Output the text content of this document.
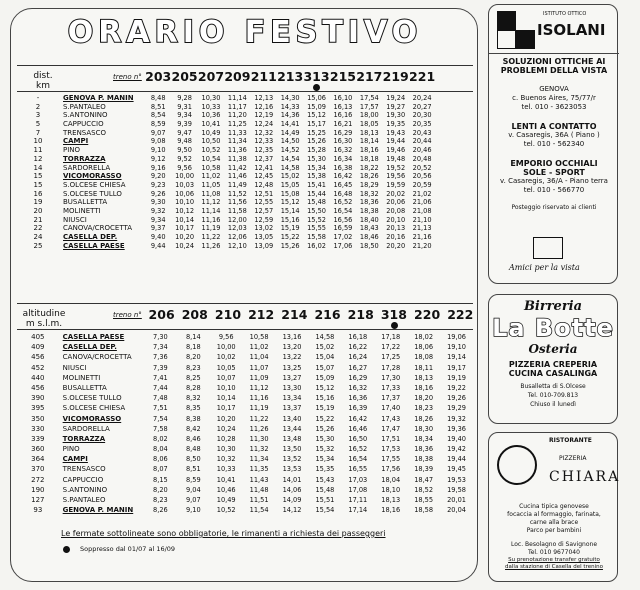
ORARIO FESTIVO
dist.
km
treno n° 203 205 207 209 211 213 313 215 217 219 221
-	GENOVA P. MANIN	8,48	9,28	10,30	11,14	12,13	14,30	15,06	16,10	17,54	19,24	20,24
2	S.PANTALEO	8,51	9,31	10,33	11,17	12,16	14,33	15,09	16,13	17,57	19,27	20,27
3	S.ANTONINO	8,54	9,34	10,36	11,20	12,19	14,36	15,12	16,16	18,00	19,30	20,30
5	CAPPUCCIO	8,59	9,39	10,41	11,25	12,24	14,41	15,17	16,21	18,05	19,35	20,35
7	TRENSASCO	9,07	9,47	10,49	11,33	12,32	14,49	15,25	16,29	18,13	19,43	20,43
10	CAMPI	9,08	9,48	10,50	11,34	12,33	14,50	15,26	16,30	18,14	19,44	20,44
11	PINO	9,10	9,50	10,52	11,36	12,35	14,52	15,28	16,32	18,16	19,46	20,46
12	TORRAZZA	9,12	9,52	10,54	11,38	12,37	14,54	15,30	16,34	18,18	19,48	20,48
14	SARDORELLA	9,16	9,56	10,58	11,42	12,41	14,58	15,34	16,38	18,22	19,52	20,52
15	VICOMORASSO	9,20	10,00	11,02	11,46	12,45	15,02	15,38	16,42	18,26	19,56	20,56
15	S.OLCESE CHIESA	9,23	10,03	11,05	11,49	12,48	15,05	15,41	16,45	18,29	19,59	20,59
16	S.OLCESE TULLO	9,26	10,06	11,08	11,52	12,51	15,08	15,44	16,48	18,32	20,02	21,02
19	BUSALLETTA	9,30	10,10	11,12	11,56	12,55	15,12	15,48	16,52	18,36	20,06	21,06
20	MOLINETTI	9,32	10,12	11,14	11,58	12,57	15,14	15,50	16,54	18,38	20,08	21,08
21	NIUSCI	9,34	10,14	11,16	12,00	12,59	15,16	15,52	16,56	18,40	20,10	21,10
22	CANOVA/CROCETTA	9,37	10,17	11,19	12,03	13,02	15,19	15,55	16,59	18,43	20,13	21,13
24	CASELLA DEP.	9,40	10,20	11,22	12,06	13,05	15,22	15,58	17,02	18,46	20,16	21,16
25	CASELLA PAESE	9,44	10,24	11,26	12,10	13,09	15,26	16,02	17,06	18,50	20,20	21,20
altitudine
m s.l.m.
treno n° 206 208 210 212 214 216 218 318 220 222
405	CASELLA PAESE	7,30	8,14	9,56	10,58	13,16	14,58	16,18	17,18	18,02	19,06
409	CASELLA DEP.	7,34	8,18	10,00	11,02	13,20	15,02	16,22	17,22	18,06	19,10
456	CANOVA/CROCETTA	7,36	8,20	10,02	11,04	13,22	15,04	16,24	17,25	18,08	19,14
452	NIUSCI	7,39	8,23	10,05	11,07	13,25	15,07	16,27	17,28	18,11	19,17
440	MOLINETTI	7,41	8,25	10,07	11,09	13,27	15,09	16,29	17,30	18,13	19,19
456	BUSALLETTA	7,44	8,28	10,10	11,12	13,30	15,12	16,32	17,33	18,16	19,22
390	S.OLCESE TULLO	7,48	8,32	10,14	11,16	13,34	15,16	16,36	17,37	18,20	19,26
395	S.OLCESE CHIESA	7,51	8,35	10,17	11,19	13,37	15,19	16,39	17,40	18,23	19,29
350	VICOMORASSO	7,54	8,38	10,20	11,22	13,40	15,22	16,42	17,43	18,26	19,32
330	SARDORELLA	7,58	8,42	10,24	11,26	13,44	15,26	16,46	17,47	18,30	19,36
339	TORRAZZA	8,02	8,46	10,28	11,30	13,48	15,30	16,50	17,51	18,34	19,40
360	PINO	8,04	8,48	10,30	11,32	13,50	15,32	16,52	17,53	18,36	19,42
364	CAMPI	8,06	8,50	10,32	11,34	13,52	15,34	16,54	17,55	18,38	19,44
370	TRENSASCO	8,07	8,51	10,33	11,35	13,53	15,35	16,55	17,56	18,39	19,45
272	CAPPUCCIO	8,15	8,59	10,41	11,43	14,01	15,43	17,03	18,04	18,47	19,53
190	S.ANTONINO	8,20	9,04	10,46	11,48	14,06	15,48	17,08	18,10	18,52	19,58
127	S.PANTALEO	8,23	9,07	10,49	11,51	14,09	15,51	17,11	18,13	18,55	20,01
93	GENOVA P. MANIN	8,26	9,10	10,52	11,54	14,12	15,54	17,14	18,16	18,58	20,04
Le fermate sottolineate sono obbligatorie, le rimanenti a richiesta dei passeggeri
Soppresso dal 01/07 al 16/09
ISTITUTO OTTICO
ISOLANI

SOLUZIONI OTTICHE AI PROBLEMI DELLA VISTA

GENOVA

c. Buenos Aires, 75/77/r

tel. 010 - 3623053

LENTI A CONTATTO

v. Casaregis, 36A ( Piano )

tel. 010 - 562340

EMPORIO OCCHIALI

SOLE - SPORT

v. Casaregis, 36/A - Piano terra

tel. 010 - 566770

Posteggio riservato ai clienti

Amici per la vista
Birreria
La Botte
Osteria

PIZZERIA CREPERIA

CUCINA CASALINGA

Busalletta di S.Olcese

Tel. 010-709.813

Chiuso il lunedì

RISTORANTE
PIZZERIA
CHIARA

Cucina tipica genovese

focaccia al formaggio, farinata,

carne alla brace

Parco per bambini

Loc. Besolagno di Savignone

Tel. 010 9677040

Su prenotazione transfer gratuito

dalla stazione di Casella del trenino
